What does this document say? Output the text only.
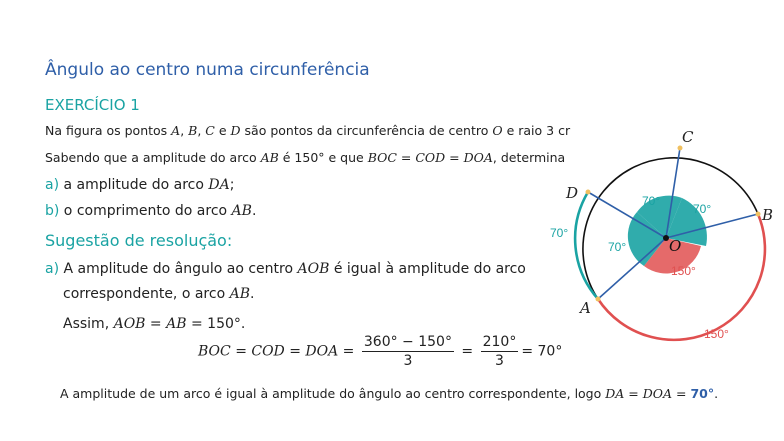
Ângulo ao centro numa circunferência
EXERCÍCIO 1
Na figura os pontos A, B, C e D são pontos da circunferência de centro O e raio 3 cr
Sabendo que a amplitude do arco AB é 150° e que BOC = COD = DOA, determina
a) a amplitude do arco DA;
b) o comprimento do arco AB.
Sugestão de resolução:
a) A amplitude do ângulo ao centro AOB é igual à amplitude do arco
correspondente, o arco AB.
Assim, AOB = AB = 150°.
BOC = COD = DOA = $\frac{360^\circ - 150^\circ}{3} = \frac{210^\circ}{3} = 70^\circ$
A amplitude de um arco é igual à amplitude do ângulo ao centro correspondente, logo DA = DOA = 70°.
C
B
D
A
O
70°
70°
70°
150°
70°
150°
